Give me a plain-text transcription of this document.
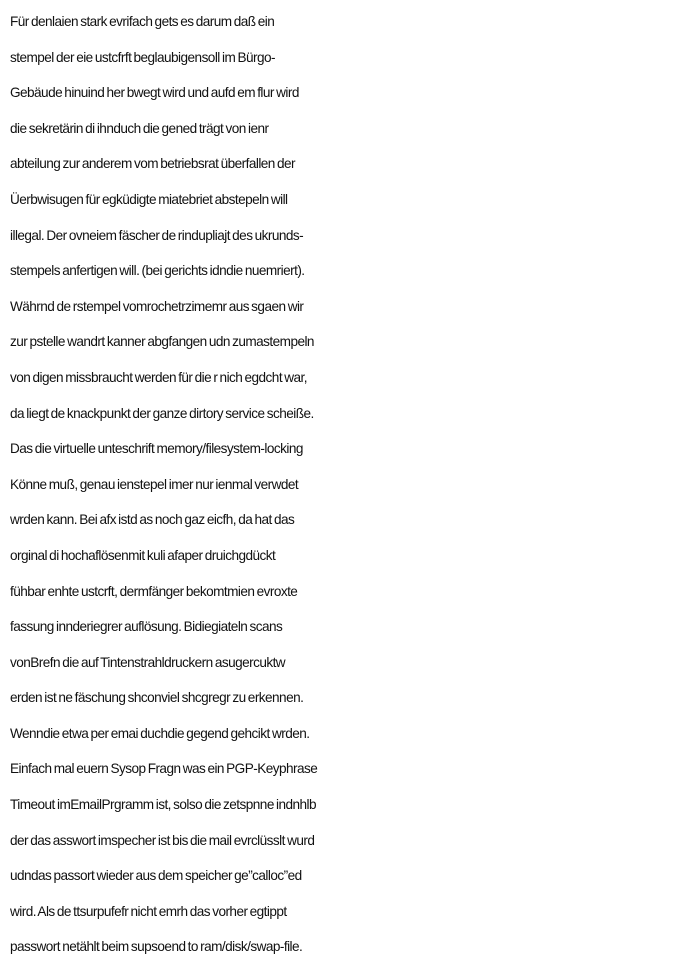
Für denlaien stark evrifach gets es darum daß ein
stempel der eie ustcfrft beglaubigensoll im Bürgo-
Gebäude hinuind her bwegt wird und aufd em flur wird
die sekretärin di ihnduch die gened trägt von ienr
abteilung zur anderem vom betriebsrat überfallen der
Üerbwisugen für egküdigte miatebriet abstepeln will
illegal. Der ovneiem fäscher de rindupliajt des ukrunds-
stempels anfertigen will. (bei gerichts idndie nuemriert).
Währnd de rstempel vomrochetrzimemr aus sgaen wir
zur pstelle wandrt kanner abgfangen udn zumastempeln
von digen missbraucht werden für die r nich egdcht war,
da liegt de knackpunkt der ganze dirtory service scheiße.
Das die virtuelle unteschrift memory/filesystem-locking
Könne muß, genau ienstepel imer nur ienmal verwdet
wrden kann. Bei afx istd as noch gaz eicfh, da hat das
orginal di hochaflösenmit kuli afaper druichgdückt
fühbar enhte ustcrft, dermfänger bekomtmien evroxte
fassung innderiegrer auflösung. Bidiegiateln scans
vonBrefn die auf Tintenstrahldruckern asugercuktw
erden ist ne fäschung shconviel shcgregr zu erkennen.
Wenndie etwa per emai duchdie gegend gehcikt wrden.
Einfach mal euern Sysop Fragn was ein PGP-Keyphrase
Timeout imEmailPrgramm ist, solso die zetspnne indnhlb
der das asswort imspecher ist bis die mail evrclüsslt wurd
udndas passort wieder aus dem speicher ge”calloc”ed
wird. Als de ttsurpufefr nicht emrh das vorher egtippt
passwort netählt beim supsoend to ram/disk/swap-file.
